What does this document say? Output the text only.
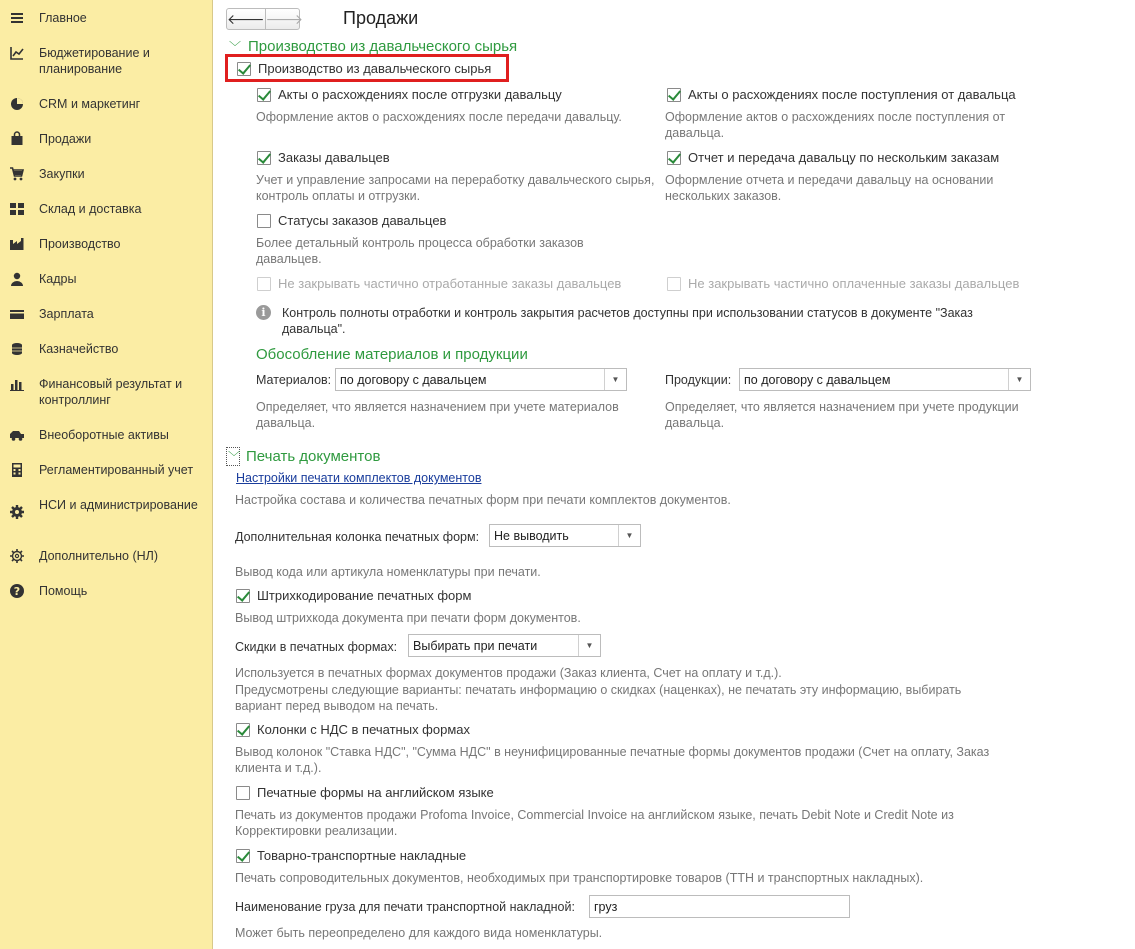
Главное
Бюджетирование и планирование
CRM и маркетинг
Продажи
Закупки
Склад и доставка
Производство
Кадры
Зарплата
Казначейство
Финансовый результат и контроллинг
Внеоборотные активы
Регламентированный учет
НСИ и администрирование
Дополнительно (НЛ)
? Помощь
🡐 🡒 Продажи
﹀ Производство из давальческого сырья
Производство из давальческого сырья
Акты о расхождениях после отгрузки давальцу
Оформление актов о расхождениях после передачи давальцу.
Акты о расхождениях после поступления от давальца
Оформление актов о расхождениях после поступления от давальца.
Заказы давальцев
Учет и управление запросами на переработку давальческого сырья, контроль оплаты и отгрузки.
Отчет и передача давальцу по нескольким заказам
Оформление отчета и передачи давальцу на основании нескольких заказов.
Статусы заказов давальцев
Более детальный контроль процесса обработки заказов давальцев.
Не закрывать частично отработанные заказы давальцев	Не закрывать частично оплаченные заказы давальцев
i	Контроль полноты отработки и контроль закрытия расчетов доступны при использовании статусов в документе "Заказ давальца".
Обособление материалов и продукции
Материалов: по договору с давальцем	▼
Определяет, что является назначением при учете материалов давальца.
Продукции:	по договору с давальцем	▼
Определяет, что является назначением при учете продукции давальца.
﹀ Печать документов
Настройки печати комплектов документов
Настройка состава и количества печатных форм при печати комплектов документов.
Дополнительная колонка печатных форм:	Не выводить	▼
Вывод кода или артикула номенклатуры при печати.
Штрихкодирование печатных форм
Вывод штрихкода документа при печати форм документов.
Скидки в печатных формах:	Выбирать при печати	▼
Используется в печатных формах документов продажи (Заказ клиента, Счет на оплату и т.д.).
Предусмотрены следующие варианты: печатать информацию о скидках (наценках), не печатать эту информацию, выбирать вариант перед выводом на печать.
Колонки с НДС в печатных формах
Вывод колонок "Ставка НДС", "Сумма НДС" в неунифицированные печатные формы документов продажи (Счет на оплату, Заказ клиента и т.д.).
Печатные формы на английском языке
Печать из документов продажи Profoma Invoice, Commercial Invoice на английском языке, печать Debit Note и Credit Note из Корректировки реализации.
Товарно-транспортные накладные
Печать сопроводительных документов, необходимых при транспортировке товаров (ТТН и транспортных накладных).
Наименование груза для печати транспортной накладной:	груз
Может быть переопределено для каждого вида номенклатуры.
